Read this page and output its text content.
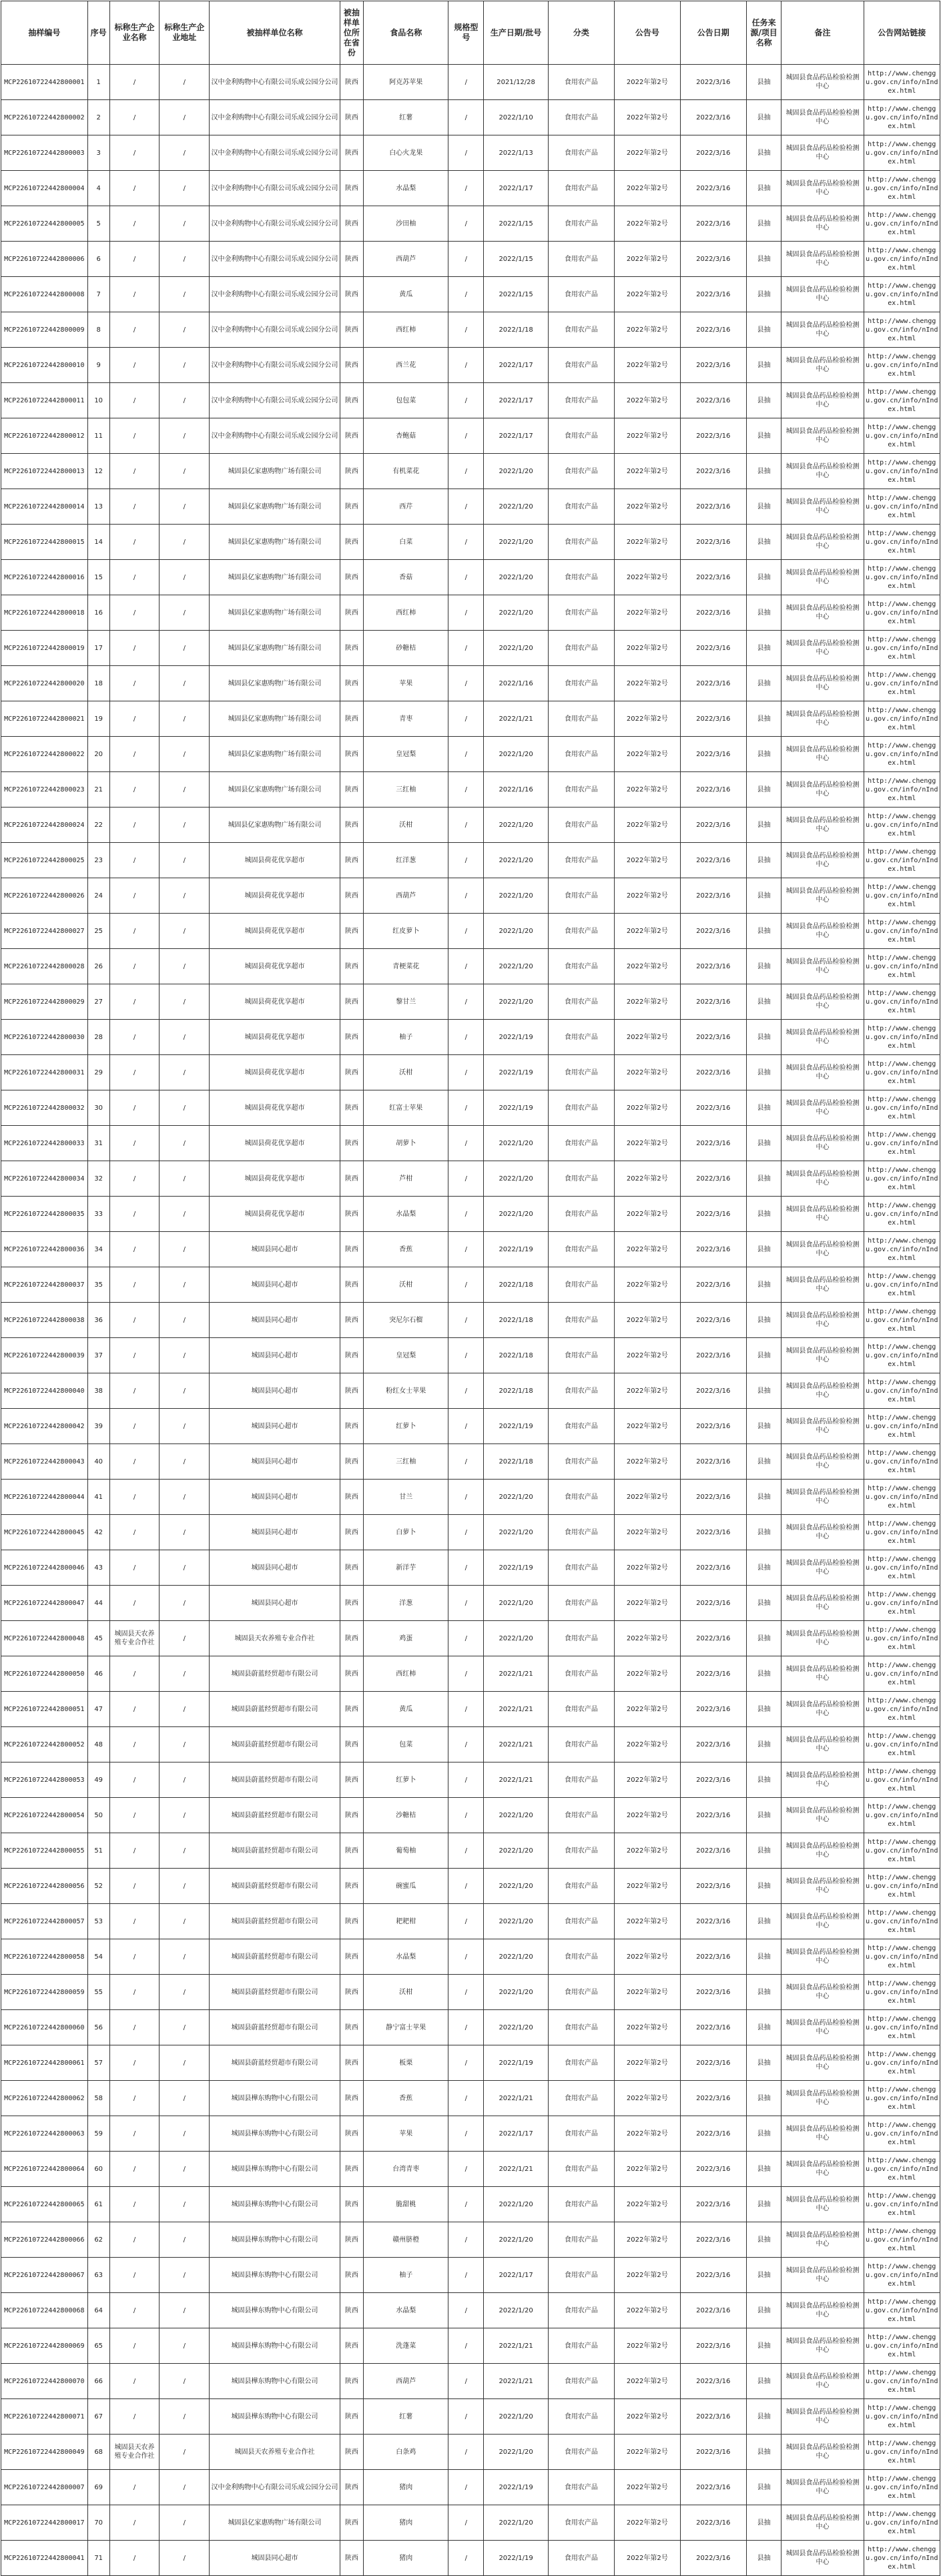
抽样编号	序号	标称生产企业名称	标称生产企业地址	被抽样单位名称	被抽样单位所在省份	食品名称	规格型号	生产日期/批号	分类	公告号	公告日期	任务来源/项目名称	备注	公告网站链接
MCP22610722442800001	1	/	/	汉中金利购物中心有限公司乐成公园分公司	陕西	阿克苏苹果	/	2021/12/28	食用农产品	2022年第2号	2022/3/16	县抽	城固县食品药品检验检测中心	http://www.chenggu.gov.cn/info/nIndex.html
MCP22610722442800002	2	/	/	汉中金利购物中心有限公司乐成公园分公司	陕西	红薯	/	2022/1/10	食用农产品	2022年第2号	2022/3/16	县抽	城固县食品药品检验检测中心	http://www.chenggu.gov.cn/info/nIndex.html
MCP22610722442800003	3	/	/	汉中金利购物中心有限公司乐成公园分公司	陕西	白心火龙果	/	2022/1/13	食用农产品	2022年第2号	2022/3/16	县抽	城固县食品药品检验检测中心	http://www.chenggu.gov.cn/info/nIndex.html
MCP22610722442800004	4	/	/	汉中金利购物中心有限公司乐成公园分公司	陕西	水晶梨	/	2022/1/17	食用农产品	2022年第2号	2022/3/16	县抽	城固县食品药品检验检测中心	http://www.chenggu.gov.cn/info/nIndex.html
MCP22610722442800005	5	/	/	汉中金利购物中心有限公司乐成公园分公司	陕西	沙田柚	/	2022/1/15	食用农产品	2022年第2号	2022/3/16	县抽	城固县食品药品检验检测中心	http://www.chenggu.gov.cn/info/nIndex.html
MCP22610722442800006	6	/	/	汉中金利购物中心有限公司乐成公园分公司	陕西	西葫芦	/	2022/1/15	食用农产品	2022年第2号	2022/3/16	县抽	城固县食品药品检验检测中心	http://www.chenggu.gov.cn/info/nIndex.html
MCP22610722442800008	7	/	/	汉中金利购物中心有限公司乐成公园分公司	陕西	黄瓜	/	2022/1/15	食用农产品	2022年第2号	2022/3/16	县抽	城固县食品药品检验检测中心	http://www.chenggu.gov.cn/info/nIndex.html
MCP22610722442800009	8	/	/	汉中金利购物中心有限公司乐成公园分公司	陕西	西红柿	/	2022/1/18	食用农产品	2022年第2号	2022/3/16	县抽	城固县食品药品检验检测中心	http://www.chenggu.gov.cn/info/nIndex.html
MCP22610722442800010	9	/	/	汉中金利购物中心有限公司乐成公园分公司	陕西	西兰花	/	2022/1/17	食用农产品	2022年第2号	2022/3/16	县抽	城固县食品药品检验检测中心	http://www.chenggu.gov.cn/info/nIndex.html
MCP22610722442800011	10	/	/	汉中金利购物中心有限公司乐成公园分公司	陕西	包包菜	/	2022/1/17	食用农产品	2022年第2号	2022/3/16	县抽	城固县食品药品检验检测中心	http://www.chenggu.gov.cn/info/nIndex.html
MCP22610722442800012	11	/	/	汉中金利购物中心有限公司乐成公园分公司	陕西	杏鲍菇	/	2022/1/17	食用农产品	2022年第2号	2022/3/16	县抽	城固县食品药品检验检测中心	http://www.chenggu.gov.cn/info/nIndex.html
MCP22610722442800013	12	/	/	城固县亿家惠购物广场有限公司	陕西	有机菜花	/	2022/1/20	食用农产品	2022年第2号	2022/3/16	县抽	城固县食品药品检验检测中心	http://www.chenggu.gov.cn/info/nIndex.html
MCP22610722442800014	13	/	/	城固县亿家惠购物广场有限公司	陕西	西芹	/	2022/1/20	食用农产品	2022年第2号	2022/3/16	县抽	城固县食品药品检验检测中心	http://www.chenggu.gov.cn/info/nIndex.html
MCP22610722442800015	14	/	/	城固县亿家惠购物广场有限公司	陕西	白菜	/	2022/1/20	食用农产品	2022年第2号	2022/3/16	县抽	城固县食品药品检验检测中心	http://www.chenggu.gov.cn/info/nIndex.html
MCP22610722442800016	15	/	/	城固县亿家惠购物广场有限公司	陕西	香菇	/	2022/1/20	食用农产品	2022年第2号	2022/3/16	县抽	城固县食品药品检验检测中心	http://www.chenggu.gov.cn/info/nIndex.html
MCP22610722442800018	16	/	/	城固县亿家惠购物广场有限公司	陕西	西红柿	/	2022/1/20	食用农产品	2022年第2号	2022/3/16	县抽	城固县食品药品检验检测中心	http://www.chenggu.gov.cn/info/nIndex.html
MCP22610722442800019	17	/	/	城固县亿家惠购物广场有限公司	陕西	砂糖桔	/	2022/1/20	食用农产品	2022年第2号	2022/3/16	县抽	城固县食品药品检验检测中心	http://www.chenggu.gov.cn/info/nIndex.html
MCP22610722442800020	18	/	/	城固县亿家惠购物广场有限公司	陕西	苹果	/	2022/1/16	食用农产品	2022年第2号	2022/3/16	县抽	城固县食品药品检验检测中心	http://www.chenggu.gov.cn/info/nIndex.html
MCP22610722442800021	19	/	/	城固县亿家惠购物广场有限公司	陕西	青枣	/	2022/1/21	食用农产品	2022年第2号	2022/3/16	县抽	城固县食品药品检验检测中心	http://www.chenggu.gov.cn/info/nIndex.html
MCP22610722442800022	20	/	/	城固县亿家惠购物广场有限公司	陕西	皇冠梨	/	2022/1/20	食用农产品	2022年第2号	2022/3/16	县抽	城固县食品药品检验检测中心	http://www.chenggu.gov.cn/info/nIndex.html
MCP22610722442800023	21	/	/	城固县亿家惠购物广场有限公司	陕西	三红柚	/	2022/1/16	食用农产品	2022年第2号	2022/3/16	县抽	城固县食品药品检验检测中心	http://www.chenggu.gov.cn/info/nIndex.html
MCP22610722442800024	22	/	/	城固县亿家惠购物广场有限公司	陕西	沃柑	/	2022/1/20	食用农产品	2022年第2号	2022/3/16	县抽	城固县食品药品检验检测中心	http://www.chenggu.gov.cn/info/nIndex.html
MCP22610722442800025	23	/	/	城固县荷花优享超市	陕西	红洋葱	/	2022/1/20	食用农产品	2022年第2号	2022/3/16	县抽	城固县食品药品检验检测中心	http://www.chenggu.gov.cn/info/nIndex.html
MCP22610722442800026	24	/	/	城固县荷花优享超市	陕西	西葫芦	/	2022/1/20	食用农产品	2022年第2号	2022/3/16	县抽	城固县食品药品检验检测中心	http://www.chenggu.gov.cn/info/nIndex.html
MCP22610722442800027	25	/	/	城固县荷花优享超市	陕西	红皮萝卜	/	2022/1/20	食用农产品	2022年第2号	2022/3/16	县抽	城固县食品药品检验检测中心	http://www.chenggu.gov.cn/info/nIndex.html
MCP22610722442800028	26	/	/	城固县荷花优享超市	陕西	青梗菜花	/	2022/1/20	食用农产品	2022年第2号	2022/3/16	县抽	城固县食品药品检验检测中心	http://www.chenggu.gov.cn/info/nIndex.html
MCP22610722442800029	27	/	/	城固县荷花优享超市	陕西	黎甘兰	/	2022/1/20	食用农产品	2022年第2号	2022/3/16	县抽	城固县食品药品检验检测中心	http://www.chenggu.gov.cn/info/nIndex.html
MCP22610722442800030	28	/	/	城固县荷花优享超市	陕西	柚子	/	2022/1/19	食用农产品	2022年第2号	2022/3/16	县抽	城固县食品药品检验检测中心	http://www.chenggu.gov.cn/info/nIndex.html
MCP22610722442800031	29	/	/	城固县荷花优享超市	陕西	沃柑	/	2022/1/19	食用农产品	2022年第2号	2022/3/16	县抽	城固县食品药品检验检测中心	http://www.chenggu.gov.cn/info/nIndex.html
MCP22610722442800032	30	/	/	城固县荷花优享超市	陕西	红富士苹果	/	2022/1/19	食用农产品	2022年第2号	2022/3/16	县抽	城固县食品药品检验检测中心	http://www.chenggu.gov.cn/info/nIndex.html
MCP22610722442800033	31	/	/	城固县荷花优享超市	陕西	胡萝卜	/	2022/1/20	食用农产品	2022年第2号	2022/3/16	县抽	城固县食品药品检验检测中心	http://www.chenggu.gov.cn/info/nIndex.html
MCP22610722442800034	32	/	/	城固县荷花优享超市	陕西	芦柑	/	2022/1/20	食用农产品	2022年第2号	2022/3/16	县抽	城固县食品药品检验检测中心	http://www.chenggu.gov.cn/info/nIndex.html
MCP22610722442800035	33	/	/	城固县荷花优享超市	陕西	水晶梨	/	2022/1/20	食用农产品	2022年第2号	2022/3/16	县抽	城固县食品药品检验检测中心	http://www.chenggu.gov.cn/info/nIndex.html
MCP22610722442800036	34	/	/	城固县同心超市	陕西	香蕉	/	2022/1/19	食用农产品	2022年第2号	2022/3/16	县抽	城固县食品药品检验检测中心	http://www.chenggu.gov.cn/info/nIndex.html
MCP22610722442800037	35	/	/	城固县同心超市	陕西	沃柑	/	2022/1/18	食用农产品	2022年第2号	2022/3/16	县抽	城固县食品药品检验检测中心	http://www.chenggu.gov.cn/info/nIndex.html
MCP22610722442800038	36	/	/	城固县同心超市	陕西	突尼尔石榴	/	2022/1/18	食用农产品	2022年第2号	2022/3/16	县抽	城固县食品药品检验检测中心	http://www.chenggu.gov.cn/info/nIndex.html
MCP22610722442800039	37	/	/	城固县同心超市	陕西	皇冠梨	/	2022/1/18	食用农产品	2022年第2号	2022/3/16	县抽	城固县食品药品检验检测中心	http://www.chenggu.gov.cn/info/nIndex.html
MCP22610722442800040	38	/	/	城固县同心超市	陕西	粉红女士苹果	/	2022/1/18	食用农产品	2022年第2号	2022/3/16	县抽	城固县食品药品检验检测中心	http://www.chenggu.gov.cn/info/nIndex.html
MCP22610722442800042	39	/	/	城固县同心超市	陕西	红萝卜	/	2022/1/19	食用农产品	2022年第2号	2022/3/16	县抽	城固县食品药品检验检测中心	http://www.chenggu.gov.cn/info/nIndex.html
MCP22610722442800043	40	/	/	城固县同心超市	陕西	三红柚	/	2022/1/18	食用农产品	2022年第2号	2022/3/16	县抽	城固县食品药品检验检测中心	http://www.chenggu.gov.cn/info/nIndex.html
MCP22610722442800044	41	/	/	城固县同心超市	陕西	甘兰	/	2022/1/20	食用农产品	2022年第2号	2022/3/16	县抽	城固县食品药品检验检测中心	http://www.chenggu.gov.cn/info/nIndex.html
MCP22610722442800045	42	/	/	城固县同心超市	陕西	白萝卜	/	2022/1/20	食用农产品	2022年第2号	2022/3/16	县抽	城固县食品药品检验检测中心	http://www.chenggu.gov.cn/info/nIndex.html
MCP22610722442800046	43	/	/	城固县同心超市	陕西	新洋芋	/	2022/1/19	食用农产品	2022年第2号	2022/3/16	县抽	城固县食品药品检验检测中心	http://www.chenggu.gov.cn/info/nIndex.html
MCP22610722442800047	44	/	/	城固县同心超市	陕西	洋葱	/	2022/1/20	食用农产品	2022年第2号	2022/3/16	县抽	城固县食品药品检验检测中心	http://www.chenggu.gov.cn/info/nIndex.html
MCP22610722442800048	45	城固县天农养殖专业合作社	/	城固县天农养殖专业合作社	陕西	鸡蛋	/	2022/1/20	食用农产品	2022年第2号	2022/3/16	县抽	城固县食品药品检验检测中心	http://www.chenggu.gov.cn/info/nIndex.html
MCP22610722442800050	46	/	/	城固县蔚蓝经贸超市有限公司	陕西	西红柿	/	2022/1/21	食用农产品	2022年第2号	2022/3/16	县抽	城固县食品药品检验检测中心	http://www.chenggu.gov.cn/info/nIndex.html
MCP22610722442800051	47	/	/	城固县蔚蓝经贸超市有限公司	陕西	黄瓜	/	2022/1/21	食用农产品	2022年第2号	2022/3/16	县抽	城固县食品药品检验检测中心	http://www.chenggu.gov.cn/info/nIndex.html
MCP22610722442800052	48	/	/	城固县蔚蓝经贸超市有限公司	陕西	包菜	/	2022/1/21	食用农产品	2022年第2号	2022/3/16	县抽	城固县食品药品检验检测中心	http://www.chenggu.gov.cn/info/nIndex.html
MCP22610722442800053	49	/	/	城固县蔚蓝经贸超市有限公司	陕西	红萝卜	/	2022/1/21	食用农产品	2022年第2号	2022/3/16	县抽	城固县食品药品检验检测中心	http://www.chenggu.gov.cn/info/nIndex.html
MCP22610722442800054	50	/	/	城固县蔚蓝经贸超市有限公司	陕西	沙糖桔	/	2022/1/20	食用农产品	2022年第2号	2022/3/16	县抽	城固县食品药品检验检测中心	http://www.chenggu.gov.cn/info/nIndex.html
MCP22610722442800055	51	/	/	城固县蔚蓝经贸超市有限公司	陕西	葡萄柚	/	2022/1/20	食用农产品	2022年第2号	2022/3/16	县抽	城固县食品药品检验检测中心	http://www.chenggu.gov.cn/info/nIndex.html
MCP22610722442800056	52	/	/	城固县蔚蓝经贸超市有限公司	陕西	碗蜜瓜	/	2022/1/20	食用农产品	2022年第2号	2022/3/16	县抽	城固县食品药品检验检测中心	http://www.chenggu.gov.cn/info/nIndex.html
MCP22610722442800057	53	/	/	城固县蔚蓝经贸超市有限公司	陕西	耙耙柑	/	2022/1/20	食用农产品	2022年第2号	2022/3/16	县抽	城固县食品药品检验检测中心	http://www.chenggu.gov.cn/info/nIndex.html
MCP22610722442800058	54	/	/	城固县蔚蓝经贸超市有限公司	陕西	水晶梨	/	2022/1/20	食用农产品	2022年第2号	2022/3/16	县抽	城固县食品药品检验检测中心	http://www.chenggu.gov.cn/info/nIndex.html
MCP22610722442800059	55	/	/	城固县蔚蓝经贸超市有限公司	陕西	沃柑	/	2022/1/20	食用农产品	2022年第2号	2022/3/16	县抽	城固县食品药品检验检测中心	http://www.chenggu.gov.cn/info/nIndex.html
MCP22610722442800060	56	/	/	城固县蔚蓝经贸超市有限公司	陕西	静宁富士苹果	/	2022/1/20	食用农产品	2022年第2号	2022/3/16	县抽	城固县食品药品检验检测中心	http://www.chenggu.gov.cn/info/nIndex.html
MCP22610722442800061	57	/	/	城固县蔚蓝经贸超市有限公司	陕西	板栗	/	2022/1/19	食用农产品	2022年第2号	2022/3/16	县抽	城固县食品药品检验检测中心	http://www.chenggu.gov.cn/info/nIndex.html
MCP22610722442800062	58	/	/	城固县樺东购物中心有限公司	陕西	香蕉	/	2022/1/21	食用农产品	2022年第2号	2022/3/16	县抽	城固县食品药品检验检测中心	http://www.chenggu.gov.cn/info/nIndex.html
MCP22610722442800063	59	/	/	城固县樺东购物中心有限公司	陕西	苹果	/	2022/1/17	食用农产品	2022年第2号	2022/3/16	县抽	城固县食品药品检验检测中心	http://www.chenggu.gov.cn/info/nIndex.html
MCP22610722442800064	60	/	/	城固县樺东购物中心有限公司	陕西	台湾青枣	/	2022/1/21	食用农产品	2022年第2号	2022/3/16	县抽	城固县食品药品检验检测中心	http://www.chenggu.gov.cn/info/nIndex.html
MCP22610722442800065	61	/	/	城固县樺东购物中心有限公司	陕西	脆甜桃	/	2022/1/20	食用农产品	2022年第2号	2022/3/16	县抽	城固县食品药品检验检测中心	http://www.chenggu.gov.cn/info/nIndex.html
MCP22610722442800066	62	/	/	城固县樺东购物中心有限公司	陕西	赣州脐橙	/	2022/1/20	食用农产品	2022年第2号	2022/3/16	县抽	城固县食品药品检验检测中心	http://www.chenggu.gov.cn/info/nIndex.html
MCP22610722442800067	63	/	/	城固县樺东购物中心有限公司	陕西	柚子	/	2022/1/17	食用农产品	2022年第2号	2022/3/16	县抽	城固县食品药品检验检测中心	http://www.chenggu.gov.cn/info/nIndex.html
MCP22610722442800068	64	/	/	城固县樺东购物中心有限公司	陕西	水晶梨	/	2022/1/20	食用农产品	2022年第2号	2022/3/16	县抽	城固县食品药品检验检测中心	http://www.chenggu.gov.cn/info/nIndex.html
MCP22610722442800069	65	/	/	城固县樺东购物中心有限公司	陕西	洗蓬菜	/	2022/1/21	食用农产品	2022年第2号	2022/3/16	县抽	城固县食品药品检验检测中心	http://www.chenggu.gov.cn/info/nIndex.html
MCP22610722442800070	66	/	/	城固县樺东购物中心有限公司	陕西	西葫芦	/	2022/1/21	食用农产品	2022年第2号	2022/3/16	县抽	城固县食品药品检验检测中心	http://www.chenggu.gov.cn/info/nIndex.html
MCP22610722442800071	67	/	/	城固县樺东购物中心有限公司	陕西	红薯	/	2022/1/20	食用农产品	2022年第2号	2022/3/16	县抽	城固县食品药品检验检测中心	http://www.chenggu.gov.cn/info/nIndex.html
MCP22610722442800049	68	城固县天农养殖专业合作社	/	城固县天农养殖专业合作社	陕西	白条鸡	/	2022/1/20	食用农产品	2022年第2号	2022/3/16	县抽	城固县食品药品检验检测中心	http://www.chenggu.gov.cn/info/nIndex.html
MCP22610722442800007	69	/	/	汉中金利购物中心有限公司乐成公园分公司	陕西	猪肉	/	2022/1/19	食用农产品	2022年第2号	2022/3/16	县抽	城固县食品药品检验检测中心	http://www.chenggu.gov.cn/info/nIndex.html
MCP22610722442800017	70	/	/	城固县亿家惠购物广场有限公司	陕西	猪肉	/	2022/1/20	食用农产品	2022年第2号	2022/3/16	县抽	城固县食品药品检验检测中心	http://www.chenggu.gov.cn/info/nIndex.html
MCP22610722442800041	71	/	/	城固县同心超市	陕西	猪肉	/	2022/1/19	食用农产品	2022年第2号	2022/3/16	县抽	城固县食品药品检验检测中心	http://www.chenggu.gov.cn/info/nIndex.html
